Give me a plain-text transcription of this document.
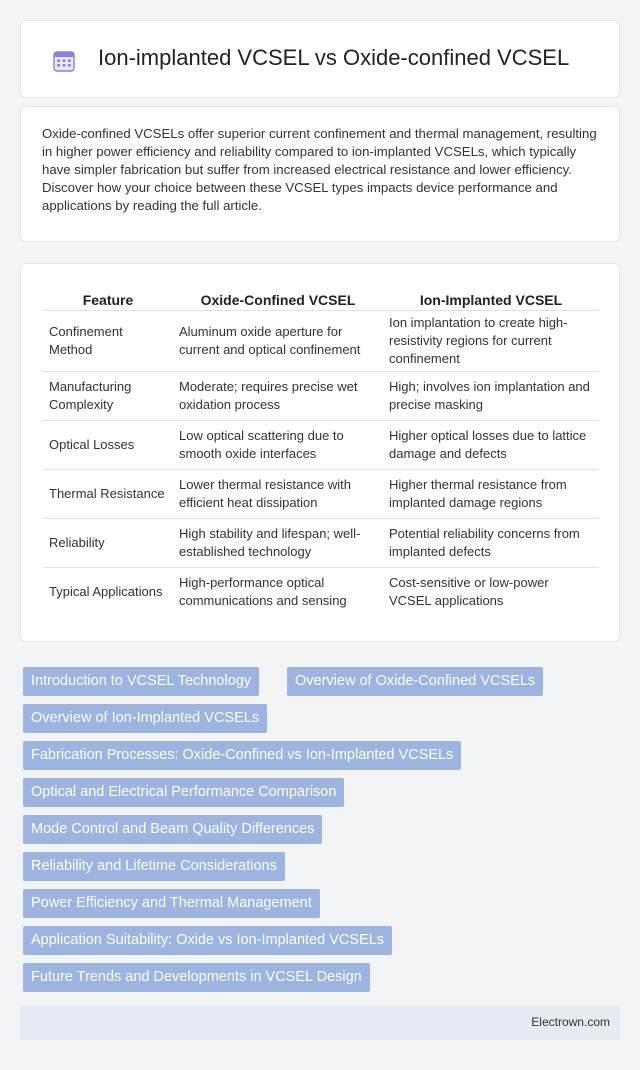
Ion-implanted VCSEL vs Oxide-confined VCSEL

Oxide-confined VCSELs offer superior current confinement and thermal management, resulting in higher power efficiency and reliability compared to ion-implanted VCSELs, which typically have simpler fabrication but suffer from increased electrical resistance and lower efficiency. Discover how your choice between these VCSEL types impacts device performance and applications by reading the full article.

Feature	Oxide-Confined VCSEL	Ion-Implanted VCSEL
Confinement Method	Aluminum oxide aperture for current and optical confinement	Ion implantation to create high-resistivity regions for current confinement
Manufacturing Complexity	Moderate; requires precise wet oxidation process	High; involves ion implantation and precise masking
Optical Losses	Low optical scattering due to smooth oxide interfaces	Higher optical losses due to lattice damage and defects
Thermal Resistance	Lower thermal resistance with efficient heat dissipation	Higher thermal resistance from implanted damage regions
Reliability	High stability and lifespan; well-established technology	Potential reliability concerns from implanted defects
Typical Applications	High-performance optical communications and sensing	Cost-sensitive or low-power VCSEL applications
Introduction to VCSEL Technology	Overview of Oxide-Confined VCSELs
Overview of Ion-Implanted VCSELs
Fabrication Processes: Oxide-Confined vs Ion-Implanted VCSELs
Optical and Electrical Performance Comparison
Mode Control and Beam Quality Differences
Reliability and Lifetime Considerations
Power Efficiency and Thermal Management
Application Suitability: Oxide vs Ion-Implanted VCSELs
Future Trends and Developments in VCSEL Design
Electrown.com
